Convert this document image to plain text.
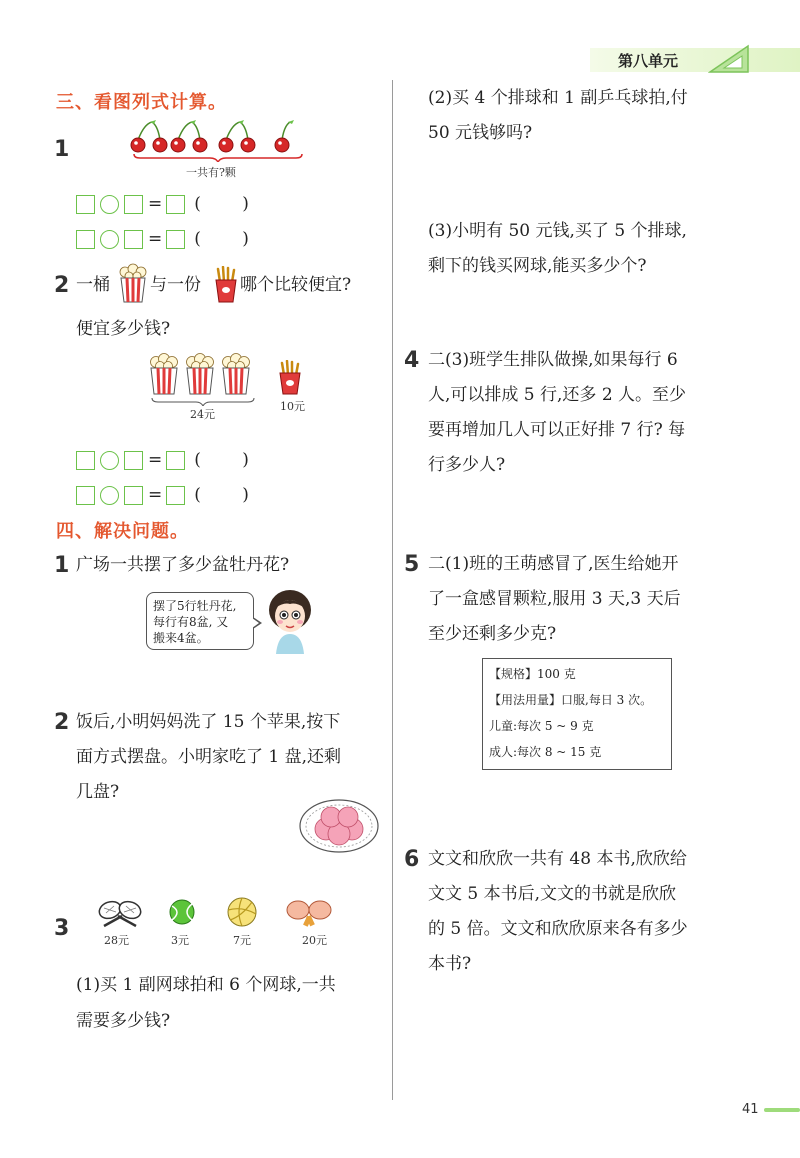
第八单元
三、看图列式计算。
1
一共有?颗
= ( )
= ( )
2 一桶 与一份 哪个比较便宜?
便宜多少钱?
24元
10元
= ( )
= ( )
四、解决问题。
1 广场一共摆了多少盆牡丹花?
摆了5行牡丹花,
每行有8盆, 又
搬来4盆。
2 饭后,小明妈妈洗了 15 个苹果,按下
面方式摆盘。小明家吃了 1 盘,还剩
几盘?
3	28元	3元	7元	20元
(1)买 1 副网球拍和 6 个网球,一共
需要多少钱?
(2)买 4 个排球和 1 副乒乓球拍,付
50 元钱够吗?
(3)小明有 50 元钱,买了 5 个排球,
剩下的钱买网球,能买多少个?
4 二(3)班学生排队做操,如果每行 6
人,可以排成 5 行,还多 2 人。至少
要再增加几人可以正好排 7 行? 每
行多少人?
5 二(1)班的王萌感冒了,医生给她开
了一盒感冒颗粒,服用 3 天,3 天后
至少还剩多少克?
【规格】100 克
【用法用量】口服,每日 3 次。
儿童:每次 5 ~ 9 克
成人:每次 8 ~ 15 克
6 文文和欣欣一共有 48 本书,欣欣给
文文 5 本书后,文文的书就是欣欣
的 5 倍。文文和欣欣原来各有多少
本书?
41
